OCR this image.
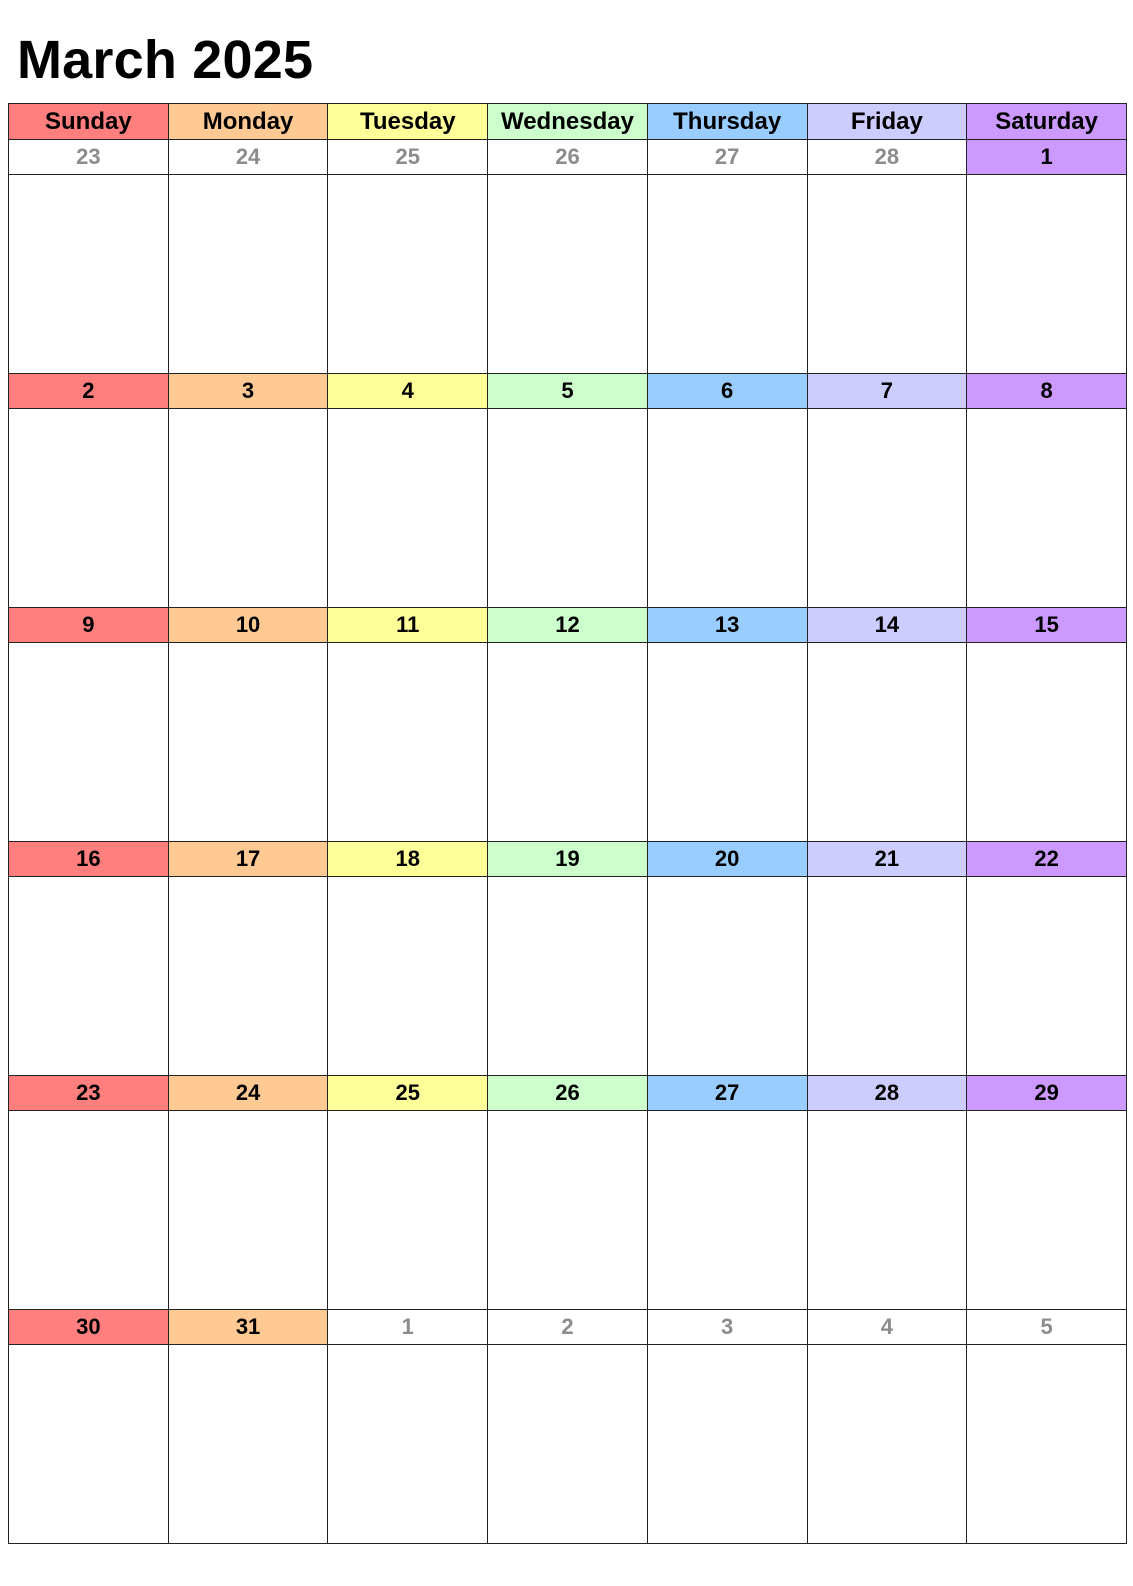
March 2025
Sunday	Monday	Tuesday	Wednesday	Thursday	Friday	Saturday
23	24	25	26	27	28	1

2	3	4	5	6	7	8

9	10	11	12	13	14	15

16	17	18	19	20	21	22

23	24	25	26	27	28	29

30	31	1	2	3	4	5
